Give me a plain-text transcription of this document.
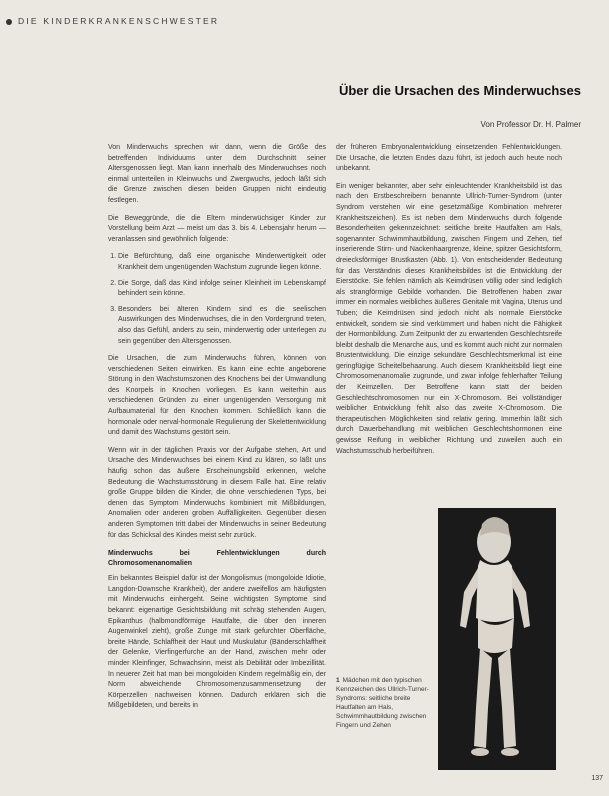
DIE KINDERKRANKENSCHWESTER
Über die Ursachen des Minderwuchses
Von Professor Dr. H. Palmer

Von Minderwuchs sprechen wir dann, wenn die Größe des betreffenden Individuums unter dem Durchschnitt seiner Altersgenossen liegt. Man kann innerhalb des Minderwuchses noch einmal unterteilen in Kleinwuchs und Zwergwuchs, jedoch läßt sich die Grenze zwischen diesen beiden Gruppen nicht eindeutig festlegen.

Die Beweggründe, die die Eltern minderwüchsiger Kinder zur Vorstellung beim Arzt — meist um das 3. bis 4. Lebensjahr herum — veranlassen sind gewöhnlich folgende:

1. Die Befürchtung, daß eine organische Minderwertigkeit oder Krankheit dem ungenügenden Wachstum zugrunde liegen könne.
2. Die Sorge, daß das Kind infolge seiner Kleinheit im Lebenskampf behindert sein könne.
3. Besonders bei älteren Kindern sind es die seelischen Auswirkungen des Minderwuchses, die in den Vordergrund treten, also das Gefühl, anders zu sein, minderwertig oder unterlegen zu sein gegenüber den Altersgenossen.

Die Ursachen, die zum Minderwuchs führen, können von verschiedenen Seiten einwirken. Es kann eine echte angeborene Störung in den Wachstumszonen des Knochens bei der Umwandlung des Knorpels in Knochen vorliegen. Es kann weiterhin aus verschiedenen Gründen zu einer ungenügenden Versorgung mit Aufbaumaterial für den Knochen kommen. Schließlich kann die hormonale oder nerval-hormonale Regulierung der Skelettentwicklung und damit des Wachstums gestört sein.

Wenn wir in der täglichen Praxis vor der Aufgabe stehen, Art und Ursache des Minderwuchses bei einem Kind zu klären, so läßt uns häufig schon das äußere Erscheinungsbild erkennen, welche Bedeutung die Wachstumsstörung in diesem Falle hat. Eine relativ große Gruppe bilden die Kinder, die ohne verschiedenen Typs, bei denen das Symptom Minderwuchs kombiniert mit Mißbildungen, Anomalien oder anderen groben Auffälligkeiten. Gegenüber diesen anderen Symptomen tritt dabei der Minderwuchs in seiner Bedeutung für das Schicksal des Kindes meist sehr zurück.

Minderwuchs bei Fehlentwicklungen durch Chromosomenanomalien

Ein bekanntes Beispiel dafür ist der Mongolismus (mongoloide Idiotie, Langdon-Downsche Krankheit), der andere zweifellos am häufigsten mit Minderwuchs einhergeht. Seine wichtigsten Symptome sind bekannt: eigenartige Gesichtsbildung mit schräg stehenden Augen, Epikanthus (halbmondförmige Hautfalte, die über den inneren Augenwinkel zieht), große Zunge mit stark gefurchter Oberfläche, breite Hände, Schlaffheit der Haut und Muskulatur (Bänderschlaffheit der Gelenke, Vierfingerfurche an der Hand, zwischen mehr oder minder Kleinfinger, Schwachsinn, meist als Debilität oder Imbezillität. In neuerer Zeit hat man bei mongoloiden Kindern regelmäßig ein, der Norm abweichende Chromosomenzusammensetzung der Körperzellen nachweisen können. Dadurch erklären sich die Mißgebildeten, und bereits in

der früheren Embryonalentwicklung einsetzenden Fehlentwicklungen. Die Ursache, die letzten Endes dazu führt, ist jedoch auch heute noch unbekannt.

Ein weniger bekannter, aber sehr einleuchtender Krankheitsbild ist das nach den Erstbeschreibern benannte Ullrich-Turner-Syndrom (unter Syndrom verstehen wir eine gesetzmäßige Kombination mehrerer Krankheitszeichen). Es ist neben dem Minderwuchs durch folgende Besonderheiten gekennzeichnet: seitliche breite Hautfalten am Hals, sogenannter Schwimmhautbildung, zwischen Fingern und Zehen, tief inserierende Stirn- und Nackenhaargrenze, kleine, spitzer Gesichtsform, dreiecksförmiger Brustkasten (Abb. 1). Von entscheidender Bedeutung für das Verständnis dieses Krankheitsbildes ist die Entwicklung der Eierstöcke. Sie fehlen nämlich als Keimdrüsen völlig oder sind lediglich als strangförmige Gebilde vorhanden. Die Betroffenen haben zwar immer ein normales weibliches äußeres Genitale mit Vagina, Uterus und Tuben; die Keimdrüsen sind jedoch nicht als normale Eierstöcke entwickelt, sondern sie sind verkümmert und haben nicht die Fähigkeit der Hormonbildung. Zum Zeitpunkt der zu erwartenden Geschlechtsreife bleibt deshalb die Menarche aus, und es kommt auch nicht zur normalen Brustentwicklung. Die einzige sekundäre Geschlechtsmerkmal ist eine geringfügige Scheitelbehaarung. Auch diesem Krankheitsbild liegt eine Chromosomenanomalie zugrunde, und zwar infolge fehlerhafter Teilung der Keimzellen. Der Betroffene kann statt der beiden Geschlechtschromosomen nur ein X-Chromosom. Bei vollständiger weiblicher Entwicklung fehlt also das zweite X-Chromosom. Die therapeutischen Möglichkeiten sind relativ gering. Immerhin läßt sich durch Dauerbehandlung mit weiblichen Geschlechtshormonen eine gewisse Reifung in weiblicher Richtung und zuweilen auch ein Wachstumsschub herbeiführen.

1 Mädchen mit den typischen Kennzeichen des Ullrich-Turner-Syndroms: seitliche breite Hautfalten am Hals, Schwimmhautbildung zwischen Fingern und Zehen
137
